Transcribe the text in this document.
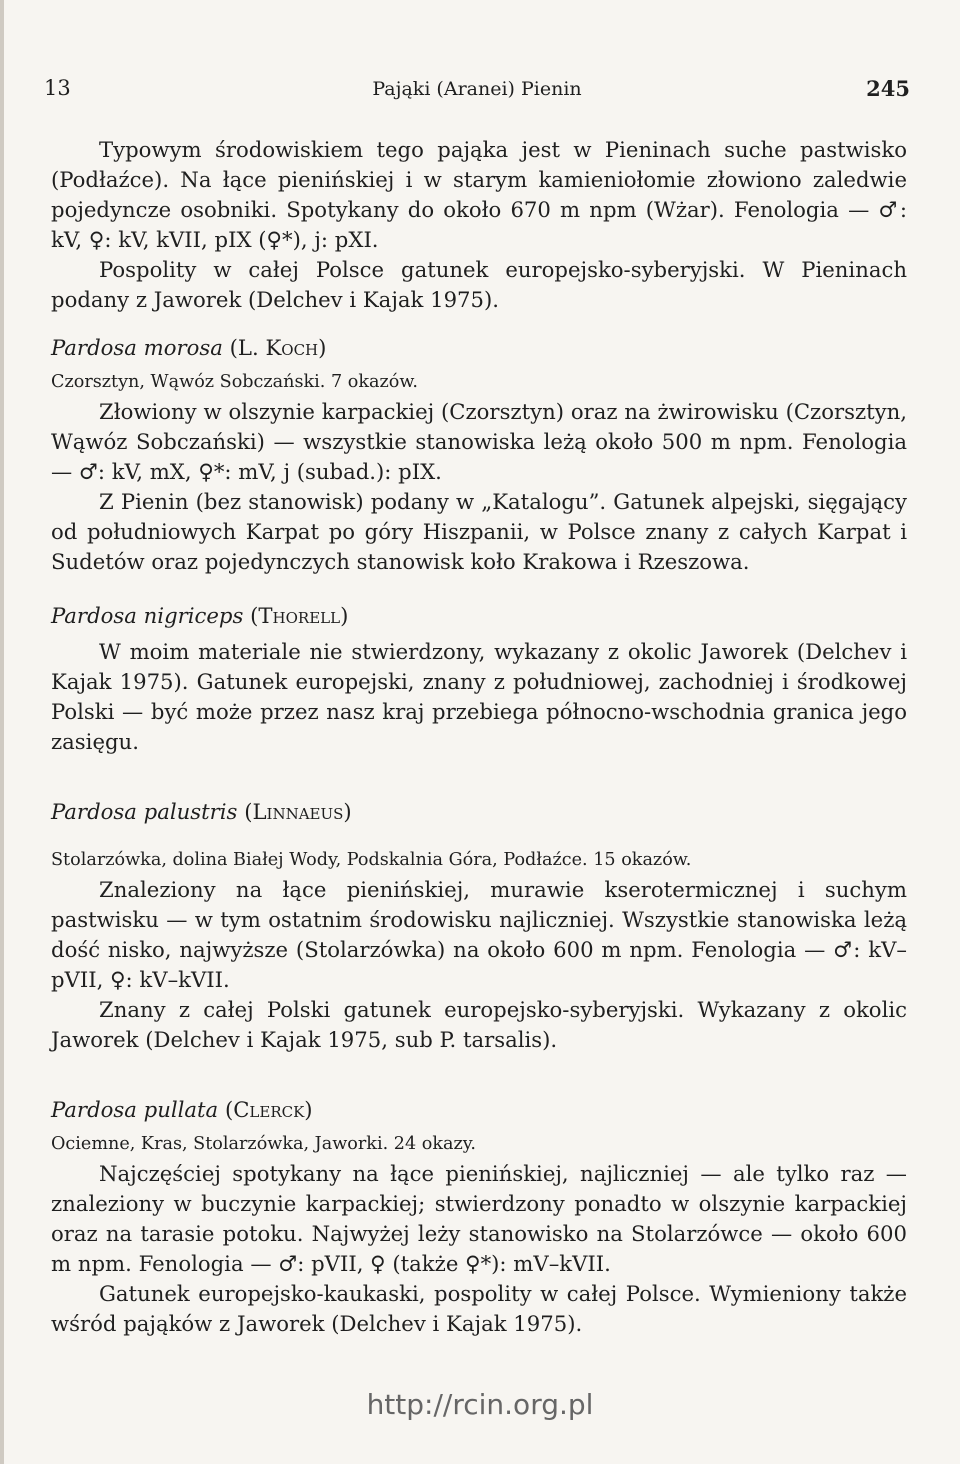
13	Pająki (Aranei) Pienin	245

Typowym środowiskiem tego pająka jest w Pieninach suche pastwisko (Podłaźce). Na łące pienińskiej i w starym kamieniołomie złowiono zaledwie pojedyncze osobniki. Spotykany do około 670 m npm (Wżar). Fenologia — ♂: kV, ♀: kV, kVII, pIX (♀*), j: pXI.

Pospolity w całej Polsce gatunek europejsko-syberyjski. W Pieninach podany z Jaworek (Delchev i Kajak 1975).

Pardosa morosa (L. Koch)

Czorsztyn, Wąwóz Sobczański. 7 okazów.

Złowiony w olszynie karpackiej (Czorsztyn) oraz na żwirowisku (Czorsztyn, Wąwóz Sobczański) — wszystkie stanowiska leżą około 500 m npm. Fenologia — ♂: kV, mX, ♀*: mV, j (subad.): pIX.

Z Pienin (bez stanowisk) podany w „Katalogu”. Gatunek alpejski, sięgający od południowych Karpat po góry Hiszpanii, w Polsce znany z całych Karpat i Sudetów oraz pojedynczych stanowisk koło Krakowa i Rzeszowa.

Pardosa nigriceps (Thorell)

W moim materiale nie stwierdzony, wykazany z okolic Jaworek (Delchev i Kajak 1975). Gatunek europejski, znany z południowej, zachodniej i środkowej Polski — być może przez nasz kraj przebiega północno-wschodnia granica jego zasięgu.

Pardosa palustris (Linnaeus)

Stolarzówka, dolina Białej Wody, Podskalnia Góra, Podłaźce. 15 okazów.

Znaleziony na łące pienińskiej, murawie kserotermicznej i suchym pastwisku — w tym ostatnim środowisku najliczniej. Wszystkie stanowiska leżą dość nisko, najwyższe (Stolarzówka) na około 600 m npm. Fenologia — ♂: kV–pVII, ♀: kV–kVII.

Znany z całej Polski gatunek europejsko-syberyjski. Wykazany z okolic Jaworek (Delchev i Kajak 1975, sub P. tarsalis).

Pardosa pullata (Clerck)

Ociemne, Kras, Stolarzówka, Jaworki. 24 okazy.

Najczęściej spotykany na łące pienińskiej, najliczniej — ale tylko raz — znaleziony w buczynie karpackiej; stwierdzony ponadto w olszynie karpackiej oraz na tarasie potoku. Najwyżej leży stanowisko na Stolarzówce — około 600 m npm. Fenologia — ♂: pVII, ♀ (także ♀*): mV–kVII.

Gatunek europejsko-kaukaski, pospolity w całej Polsce. Wymieniony także wśród pająków z Jaworek (Delchev i Kajak 1975).

http://rcin.org.pl
